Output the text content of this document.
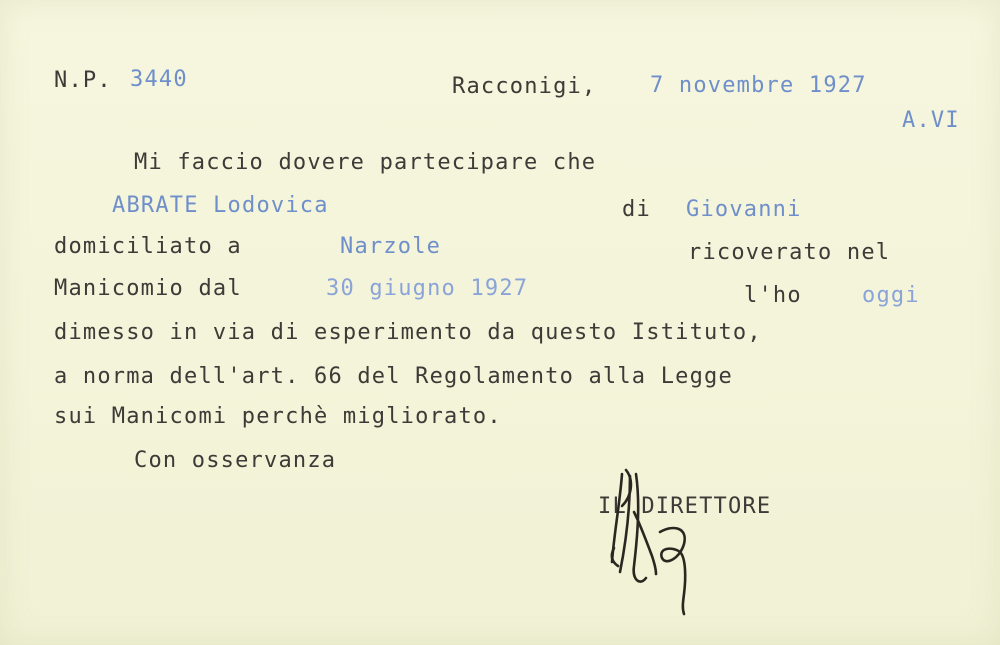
N.P. 3440	Racconigi, 7 novembre 1927
A.VI
Mi faccio dovere partecipare che
ABRATE Lodovica	di Giovanni
domiciliato a	Narzole	ricoverato nel
Manicomio dal	30 giugno 1927	l'ho	oggi
dimesso in via di esperimento da questo Istituto,
a norma dell'art. 66 del Regolamento alla Legge
sui Manicomi perchè migliorato.
Con osservanza
IL DIRETTORE
